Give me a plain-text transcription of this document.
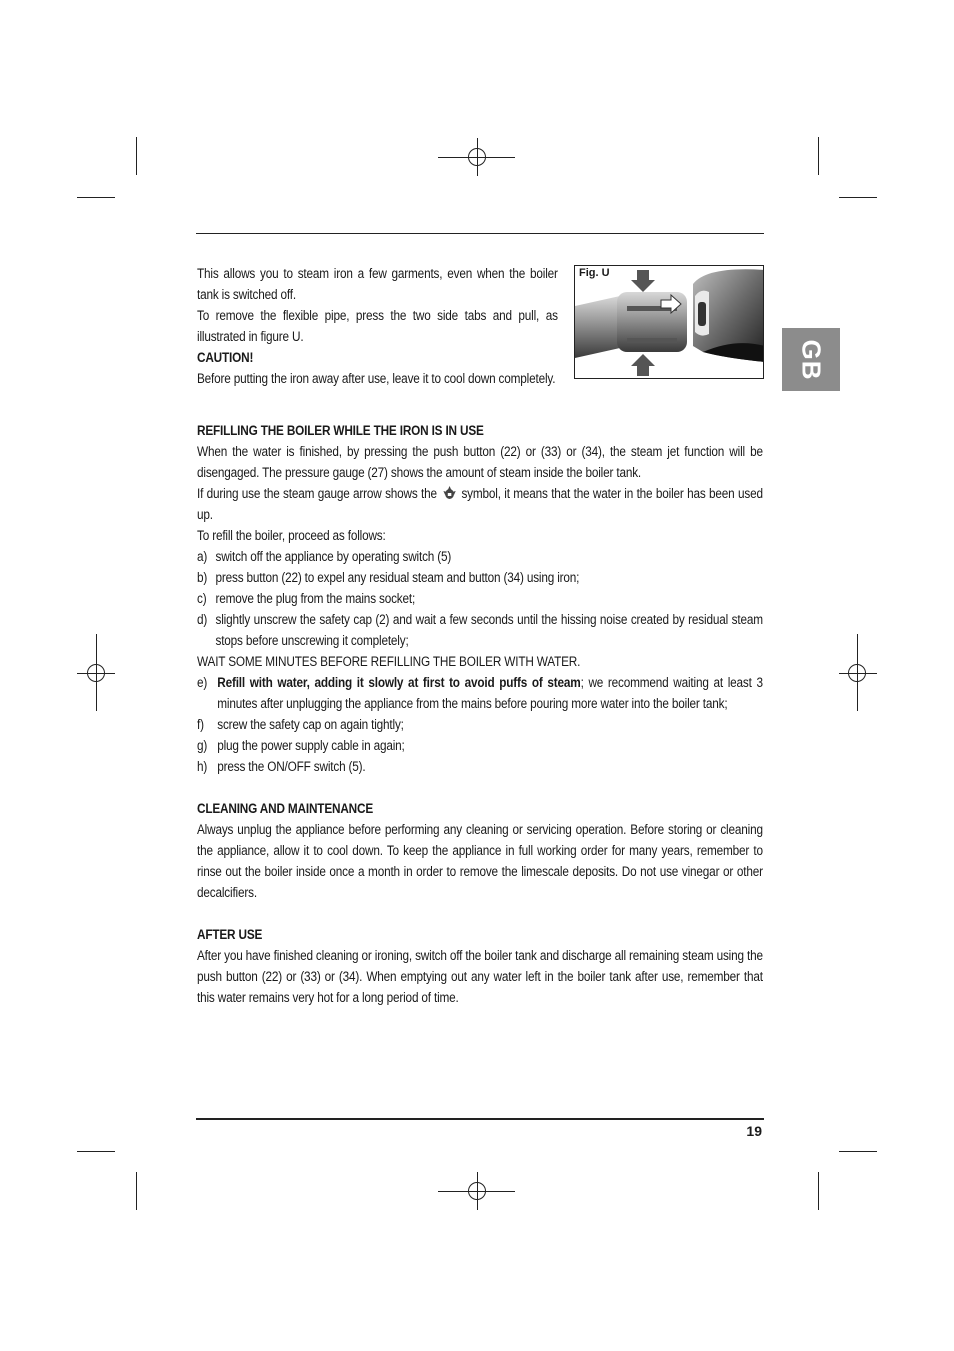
GB
Fig. U

This allows you to steam iron a few garments, even when the boiler tank is switched off.

To remove the flexible pipe, press the two side tabs and pull, as illustrated in figure U.

CAUTION!

Before putting the iron away after use, leave it to cool down completely.

REFILLING THE BOILER WHILE THE IRON IS IN USE

When the water is finished, by pressing the push button (22) or (33) or (34), the steam jet function will be disengaged. The pressure gauge (27) shows the amount of steam inside the boiler tank.

If during use the steam gauge arrow shows the symbol, it means that the water in the boiler has been used up.

To refill the boiler, proceed as follows:

a) switch off the appliance by operating switch (5)
b) press button (22) to expel any residual steam and button (34) using iron;
c) remove the plug from the mains socket;
d) slightly unscrew the safety cap (2) and wait a few seconds until the hissing noise created by residual steam stops before unscrewing it completely;

WAIT SOME MINUTES BEFORE REFILLING THE BOILER WITH WATER.

e) Refill with water, adding it slowly at first to avoid puffs of steam; we recommend waiting at least 3 minutes after unplugging the appliance from the mains before pouring more water into the boiler tank;
f) screw the safety cap on again tightly;
g) plug the power supply cable in again;
h) press the ON/OFF switch (5).

CLEANING AND MAINTENANCE

Always unplug the appliance before performing any cleaning or servicing operation. Before storing or cleaning the appliance, allow it to cool down. To keep the appliance in full working order for many years, remember to rinse out the boiler inside once a month in order to remove the limescale deposits. Do not use vinegar or other decalcifiers.

AFTER USE

After you have finished cleaning or ironing, switch off the boiler tank and discharge all remaining steam using the push button (22) or (33) or (34). When emptying out any water left in the boiler tank after use, remember that this water remains very hot for a long period of time.

19
